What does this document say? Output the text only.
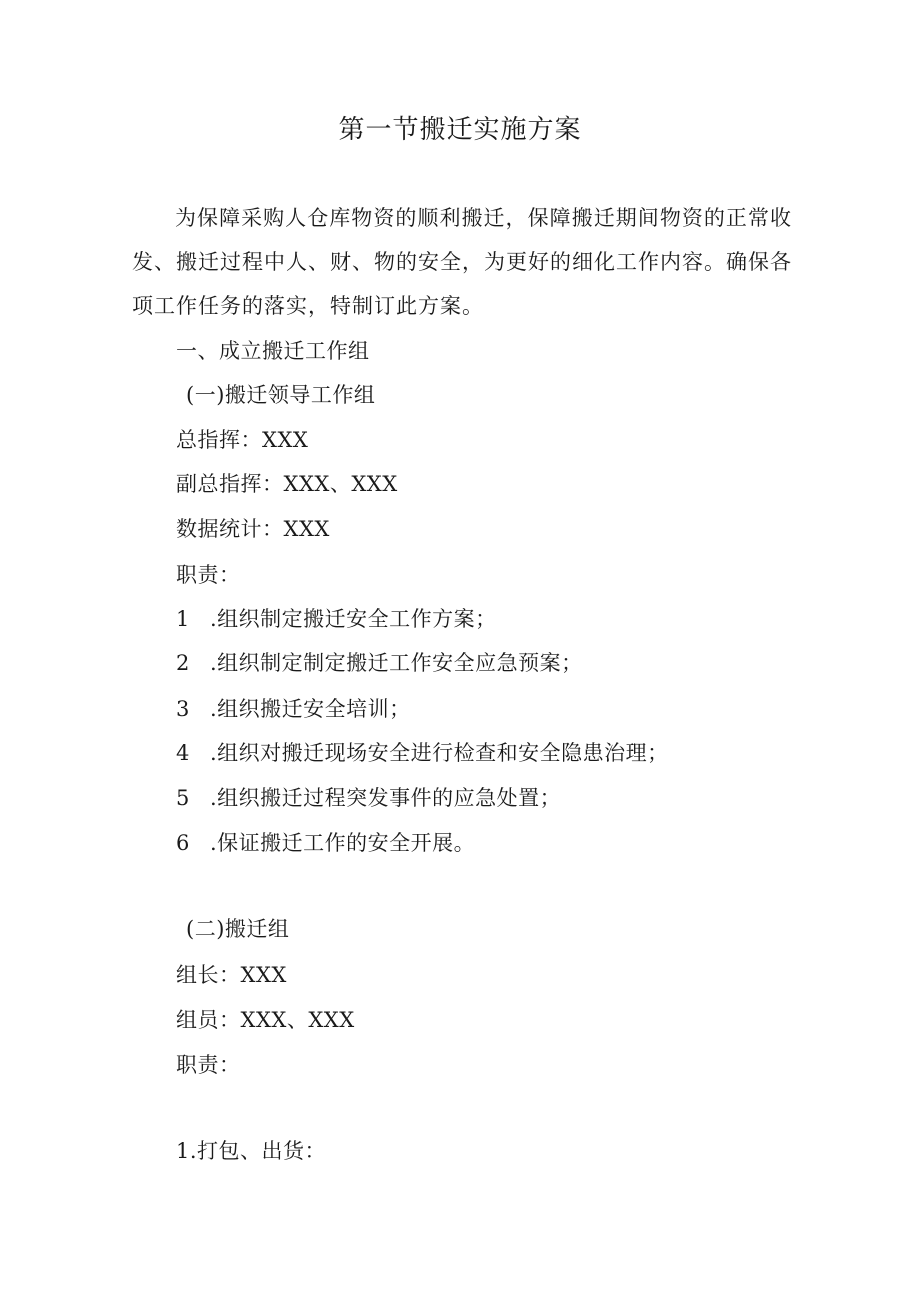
第一节搬迁实施方案
为保障采购人仓库物资的顺利搬迁，保障搬迁期间物资的正常收发、搬迁过程中人、财、物的安全，为更好的细化工作内容。确保各项工作任务的落实，特制订此方案。
一、成立搬迁工作组
(一)搬迁领导工作组
总指挥：XXX
副总指挥：XXX、XXX
数据统计：XXX
职责：
1 .组织制定搬迁安全工作方案；
2 .组织制定制定搬迁工作安全应急预案；
3 .组织搬迁安全培训；
4 .组织对搬迁现场安全进行检查和安全隐患治理；
5 .组织搬迁过程突发事件的应急处置；
6 .保证搬迁工作的安全开展。
(二)搬迁组
组长：XXX
组员：XXX、XXX
职责：
1.打包、出货：
